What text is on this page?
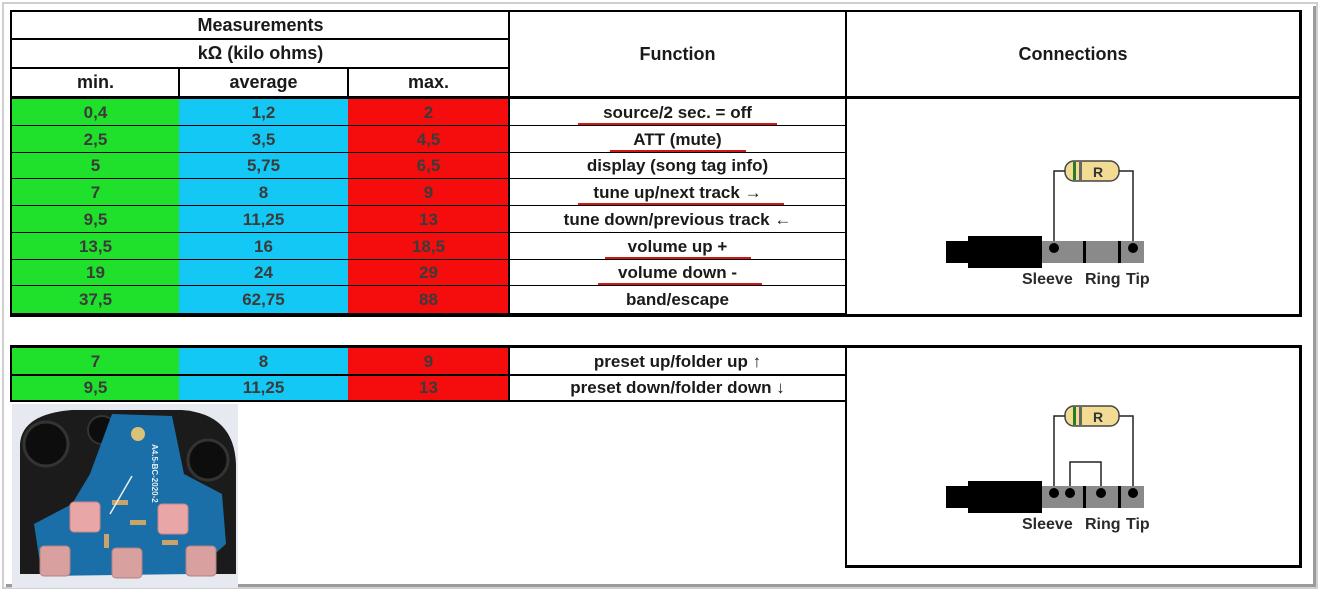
Measurements
kΩ (kilo ohms)
min.	average	max.
Function	Connections
0,4	1,2	2	source/2 sec. = off
2,5	3,5	4,5	ATT (mute)
5	5,75	6,5	display (song tag info)
7	8	9	tune up/next track →
9,5	11,25	13	tune down/previous track ←
13,5	16	18,5	volume up +
19	24	29	volume down -
37,5	62,75	88	band/escape
7	8	9	preset up/folder up ↑
9,5	11,25	13	preset down/folder down ↓
R
Sleeve Ring Tip
R
Sleeve Ring Tip
A4.5-BC-2020-2
